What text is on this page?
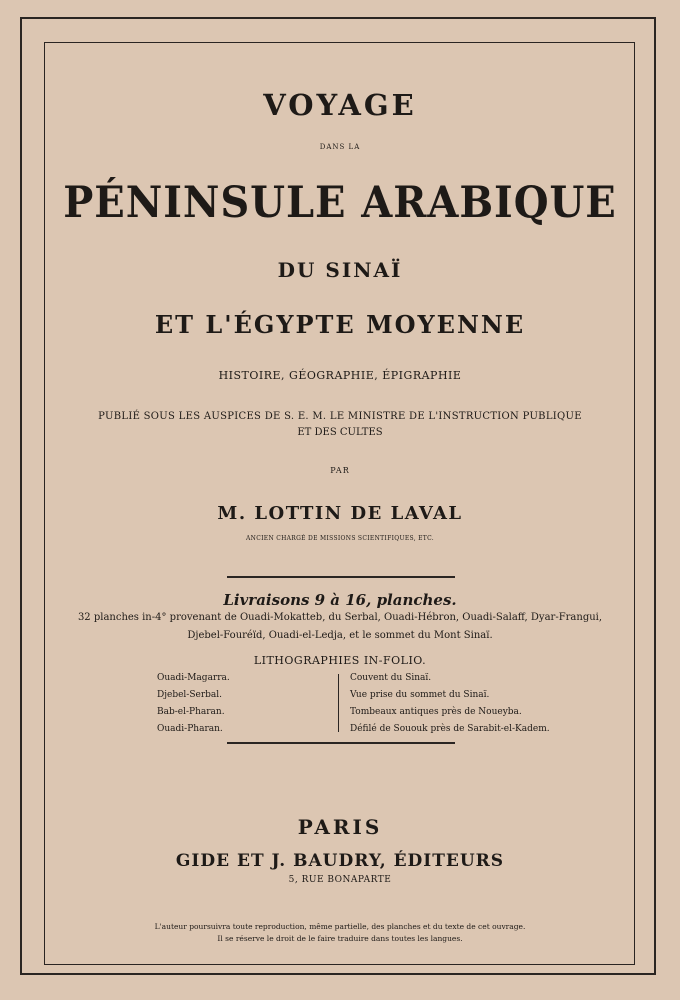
VOYAGE
DANS LA
PÉNINSULE ARABIQUE
DU SINAÏ
ET L'ÉGYPTE MOYENNE
HISTOIRE, GÉOGRAPHIE, ÉPIGRAPHIE
PUBLIÉ SOUS LES AUSPICES DE S. E. M. LE MINISTRE DE L'INSTRUCTION PUBLIQUE
ET DES CULTES
PAR
M. LOTTIN DE LAVAL
ANCIEN CHARGÉ DE MISSIONS SCIENTIFIQUES, ETC.
Livraisons 9 à 16, planches.
32 planches in-4° provenant de Ouadi-Mokatteb, du Serbal, Ouadi-Hébron, Ouadi-Salaff, Dyar-Frangui,
Djebel-Fouréïd, Ouadi-el-Ledja, et le sommet du Mont Sinaï.
LITHOGRAPHIES IN-FOLIO.
Ouadi-Magarra.
Djebel-Serbal.
Bab-el-Pharan.
Ouadi-Pharan.
Couvent du Sinaï.
Vue prise du sommet du Sinaï.
Tombeaux antiques près de Noueyba.
Défilé de Sououk près de Sarabit-el-Kadem.
PARIS
GIDE ET J. BAUDRY, ÉDITEURS
5, RUE BONAPARTE
L'auteur poursuivra toute reproduction, même partielle, des planches et du texte de cet ouvrage.
Il se réserve le droit de le faire traduire dans toutes les langues.
